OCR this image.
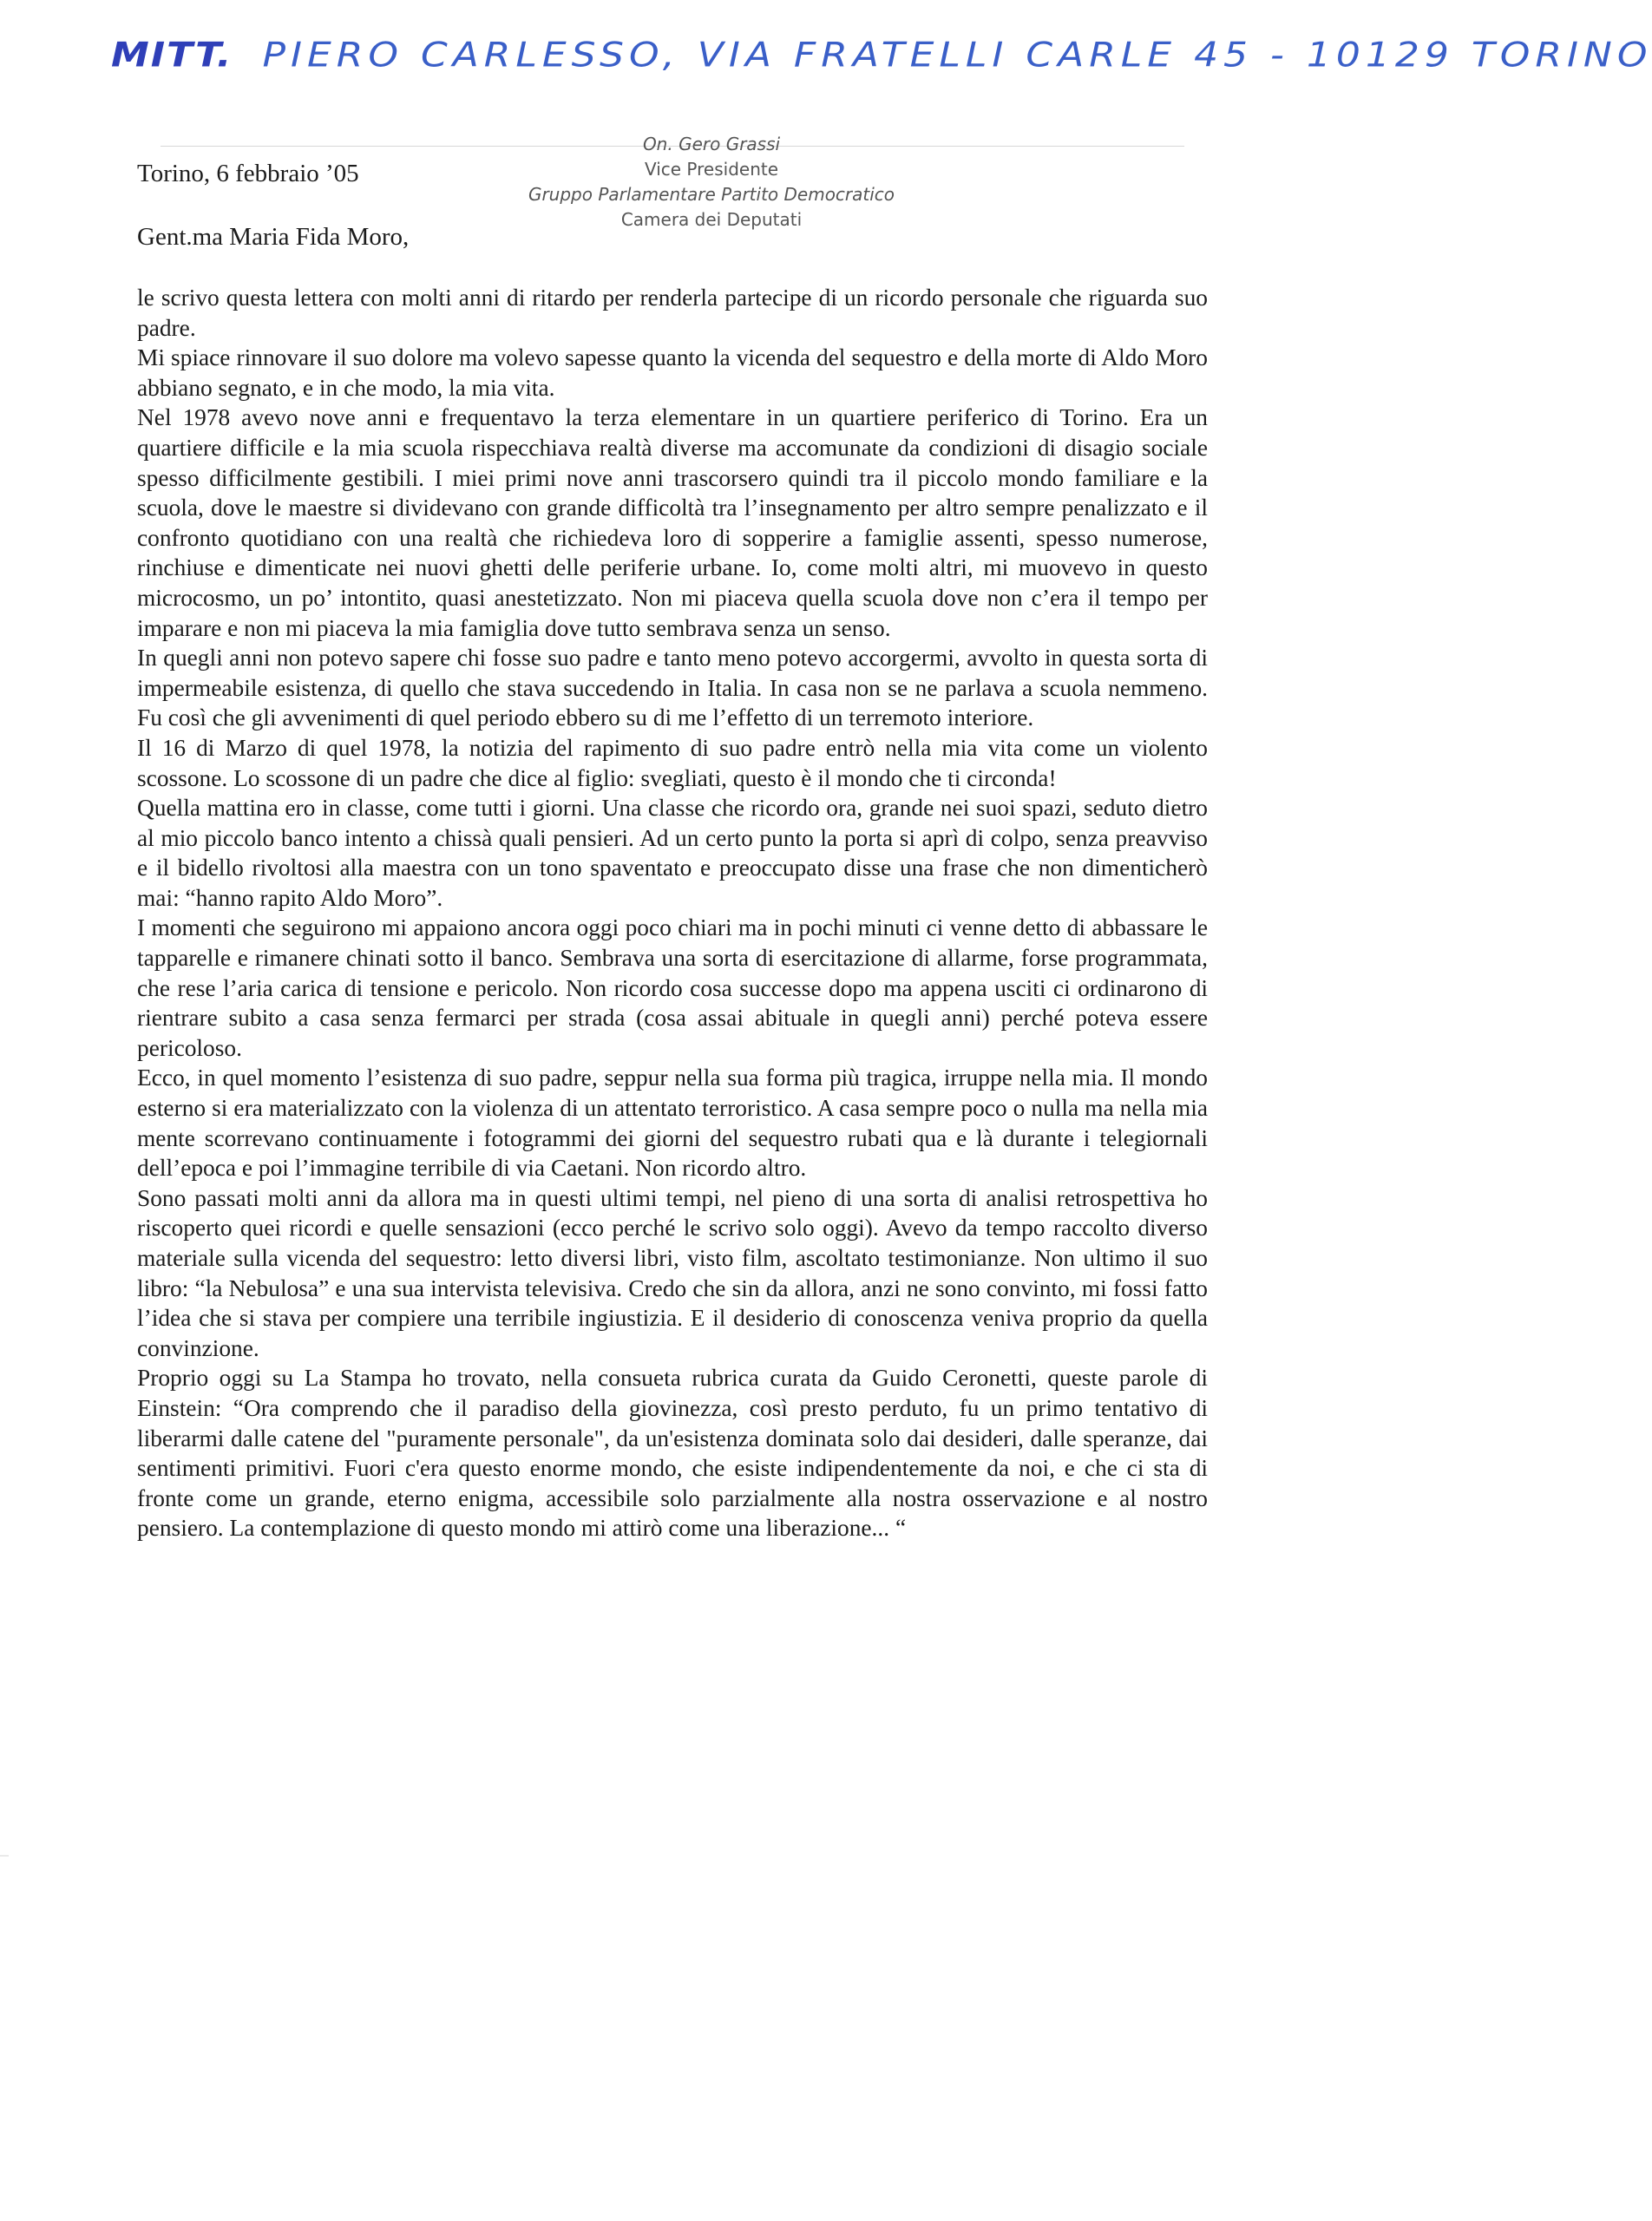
MITT. PIERO CARLESSO, VIA FRATELLI CARLE 45 - 10129 TORINO
On. Gero Grassi
Vice Presidente
Gruppo Parlamentare Partito Democratico
Camera dei Deputati
Torino, 6 febbraio ’05
Gent.ma Maria Fida Moro,

le scrivo questa lettera con molti anni di ritardo per renderla partecipe di un ricordo personale che riguarda suo padre.

Mi spiace rinnovare il suo dolore ma volevo sapesse quanto la vicenda del sequestro e della morte di Aldo Moro abbiano segnato, e in che modo, la mia vita.

Nel 1978 avevo nove anni e frequentavo la terza elementare in un quartiere periferico di Torino. Era un quartiere difficile e la mia scuola rispecchiava realtà diverse ma accomunate da condizioni di disagio sociale spesso difficilmente gestibili. I miei primi nove anni trascorsero quindi tra il piccolo mondo familiare e la scuola, dove le maestre si dividevano con grande difficoltà tra l’insegnamento per altro sempre penalizzato e il confronto quotidiano con una realtà che richiedeva loro di sopperire a famiglie assenti, spesso numerose, rinchiuse e dimenticate nei nuovi ghetti delle periferie urbane. Io, come molti altri, mi muovevo in questo microcosmo, un po’ intontito, quasi anestetizzato. Non mi piaceva quella scuola dove non c’era il tempo per imparare e non mi piaceva la mia famiglia dove tutto sembrava senza un senso.

In quegli anni non potevo sapere chi fosse suo padre e tanto meno potevo accorgermi, avvolto in questa sorta di impermeabile esistenza, di quello che stava succedendo in Italia. In casa non se ne parlava a scuola nemmeno. Fu così che gli avvenimenti di quel periodo ebbero su di me l’effetto di un terremoto interiore.

Il 16 di Marzo di quel 1978, la notizia del rapimento di suo padre entrò nella mia vita come un violento scossone. Lo scossone di un padre che dice al figlio: svegliati, questo è il mondo che ti circonda!

Quella mattina ero in classe, come tutti i giorni. Una classe che ricordo ora, grande nei suoi spazi, seduto dietro al mio piccolo banco intento a chissà quali pensieri. Ad un certo punto la porta si aprì di colpo, senza preavviso e il bidello rivoltosi alla maestra con un tono spaventato e preoccupato disse una frase che non dimenticherò mai: “hanno rapito Aldo Moro”.

I momenti che seguirono mi appaiono ancora oggi poco chiari ma in pochi minuti ci venne detto di abbassare le tapparelle e rimanere chinati sotto il banco. Sembrava una sorta di esercitazione di allarme, forse programmata, che rese l’aria carica di tensione e pericolo. Non ricordo cosa successe dopo ma appena usciti ci ordinarono di rientrare subito a casa senza fermarci per strada (cosa assai abituale in quegli anni) perché poteva essere pericoloso.

Ecco, in quel momento l’esistenza di suo padre, seppur nella sua forma più tragica, irruppe nella mia. Il mondo esterno si era materializzato con la violenza di un attentato terroristico. A casa sempre poco o nulla ma nella mia mente scorrevano continuamente i fotogrammi dei giorni del sequestro rubati qua e là durante i telegiornali dell’epoca e poi l’immagine terribile di via Caetani. Non ricordo altro.

Sono passati molti anni da allora ma in questi ultimi tempi, nel pieno di una sorta di analisi retrospettiva ho riscoperto quei ricordi e quelle sensazioni (ecco perché le scrivo solo oggi). Avevo da tempo raccolto diverso materiale sulla vicenda del sequestro: letto diversi libri, visto film, ascoltato testimonianze. Non ultimo il suo libro: “la Nebulosa” e una sua intervista televisiva. Credo che sin da allora, anzi ne sono convinto, mi fossi fatto l’idea che si stava per compiere una terribile ingiustizia. E il desiderio di conoscenza veniva proprio da quella convinzione.

Proprio oggi su La Stampa ho trovato, nella consueta rubrica curata da Guido Ceronetti, queste parole di Einstein: “Ora comprendo che il paradiso della giovinezza, così presto perduto, fu un primo tentativo di liberarmi dalle catene del "puramente personale", da un'esistenza dominata solo dai desideri, dalle speranze, dai sentimenti primitivi. Fuori c'era questo enorme mondo, che esiste indipendentemente da noi, e che ci sta di fronte come un grande, eterno enigma, accessibile solo parzialmente alla nostra osservazione e al nostro pensiero. La contemplazione di questo mondo mi attirò come una liberazione... “
